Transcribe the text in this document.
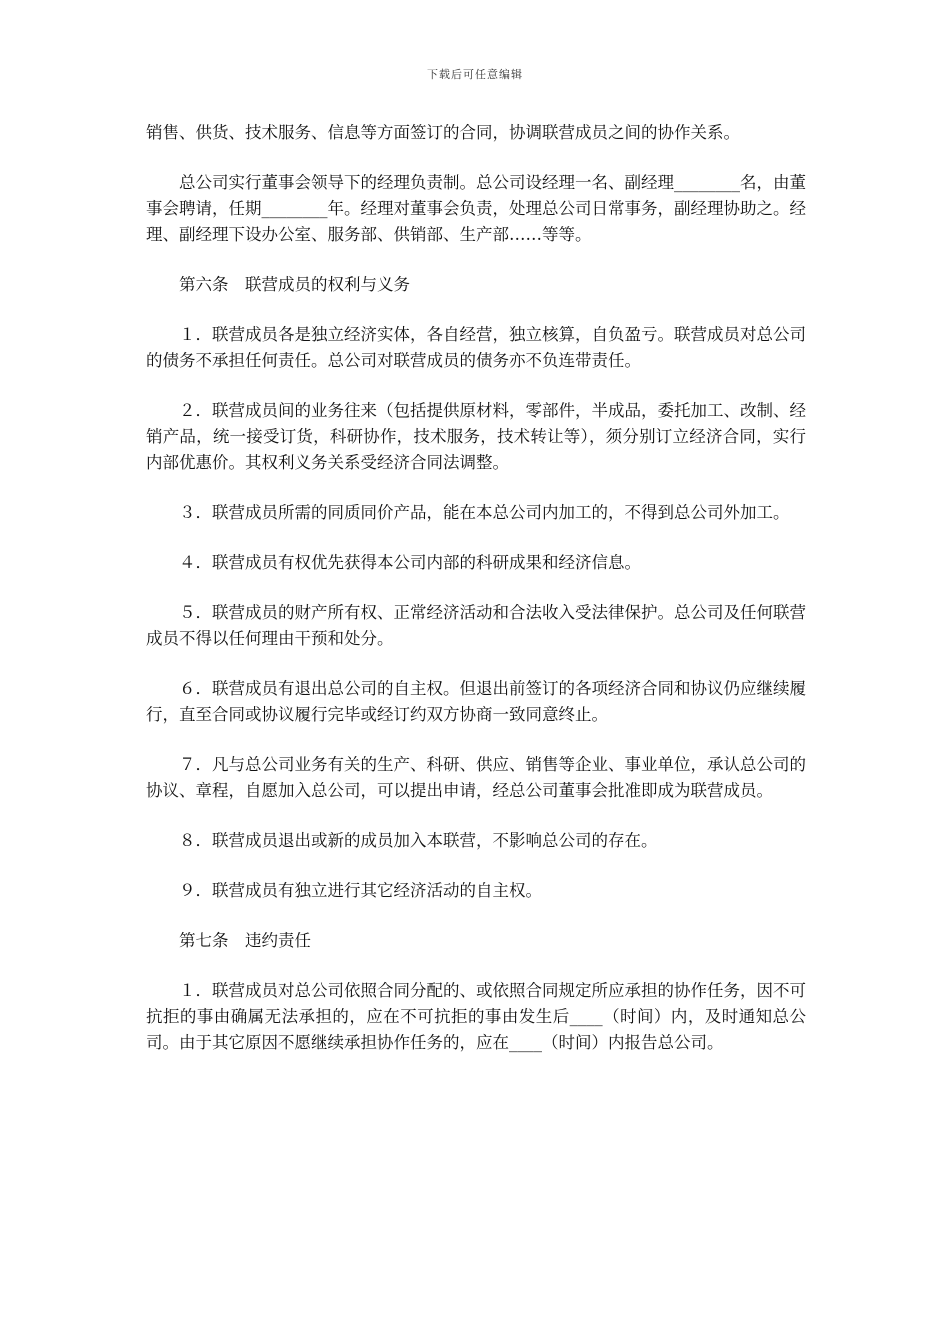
下载后可任意编辑

销售、供货、技术服务、信息等方面签订的合同，协调联营成员之间的协作关系。

总公司实行董事会领导下的经理负责制。总公司设经理一名、副经理________名，由董事会聘请，任期________年。经理对董事会负责，处理总公司日常事务，副经理协助之。经理、副经理下设办公室、服务部、供销部、生产部……等等。

第六条　联营成员的权利与义务

１．联营成员各是独立经济实体，各自经营，独立核算，自负盈亏。联营成员对总公司的债务不承担任何责任。总公司对联营成员的债务亦不负连带责任。

２．联营成员间的业务往来（包括提供原材料，零部件，半成品，委托加工、改制、经销产品，统一接受订货，科研协作，技术服务，技术转让等），须分别订立经济合同，实行内部优惠价。其权利义务关系受经济合同法调整。

３．联营成员所需的同质同价产品，能在本总公司内加工的，不得到总公司外加工。

４．联营成员有权优先获得本公司内部的科研成果和经济信息。

５．联营成员的财产所有权、正常经济活动和合法收入受法律保护。总公司及任何联营成员不得以任何理由干预和处分。

６．联营成员有退出总公司的自主权。但退出前签订的各项经济合同和协议仍应继续履行，直至合同或协议履行完毕或经订约双方协商一致同意终止。

７．凡与总公司业务有关的生产、科研、供应、销售等企业、事业单位，承认总公司的协议、章程，自愿加入总公司，可以提出申请，经总公司董事会批准即成为联营成员。

８．联营成员退出或新的成员加入本联营，不影响总公司的存在。

９．联营成员有独立进行其它经济活动的自主权。

第七条　违约责任

１．联营成员对总公司依照合同分配的、或依照合同规定所应承担的协作任务，因不可抗拒的事由确属无法承担的，应在不可抗拒的事由发生后____（时间）内，及时通知总公司。由于其它原因不愿继续承担协作任务的，应在____（时间）内报告总公司。
